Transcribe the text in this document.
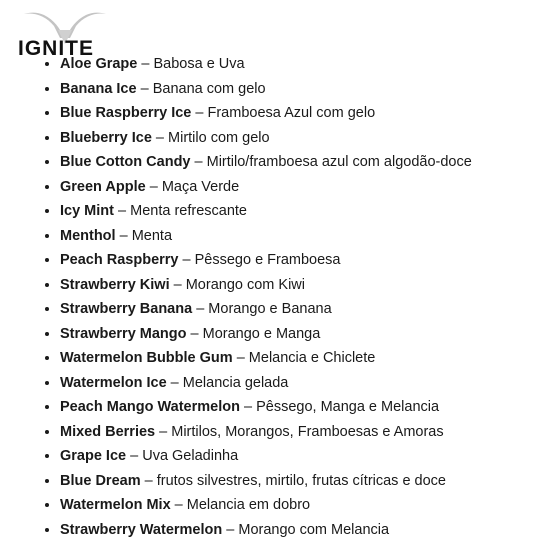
IGNITE
• Aloe Grape – Babosa e Uva
• Banana Ice – Banana com gelo
• Blue Raspberry Ice – Framboesa Azul com gelo
• Blueberry Ice – Mirtilo com gelo
• Blue Cotton Candy – Mirtilo/framboesa azul com algodão-doce
• Green Apple – Maça Verde
• Icy Mint – Menta refrescante
• Menthol – Menta
• Peach Raspberry – Pêssego e Framboesa
• Strawberry Kiwi – Morango com Kiwi
• Strawberry Banana – Morango e Banana
• Strawberry Mango – Morango e Manga
• Watermelon Bubble Gum – Melancia e Chiclete
• Watermelon Ice – Melancia gelada
• Peach Mango Watermelon – Pêssego, Manga e Melancia
• Mixed Berries – Mirtilos, Morangos, Framboesas e Amoras
• Grape Ice – Uva Geladinha
• Blue Dream – frutos silvestres, mirtilo, frutas cítricas e doce
• Watermelon Mix – Melancia em dobro
• Strawberry Watermelon – Morango com Melancia
